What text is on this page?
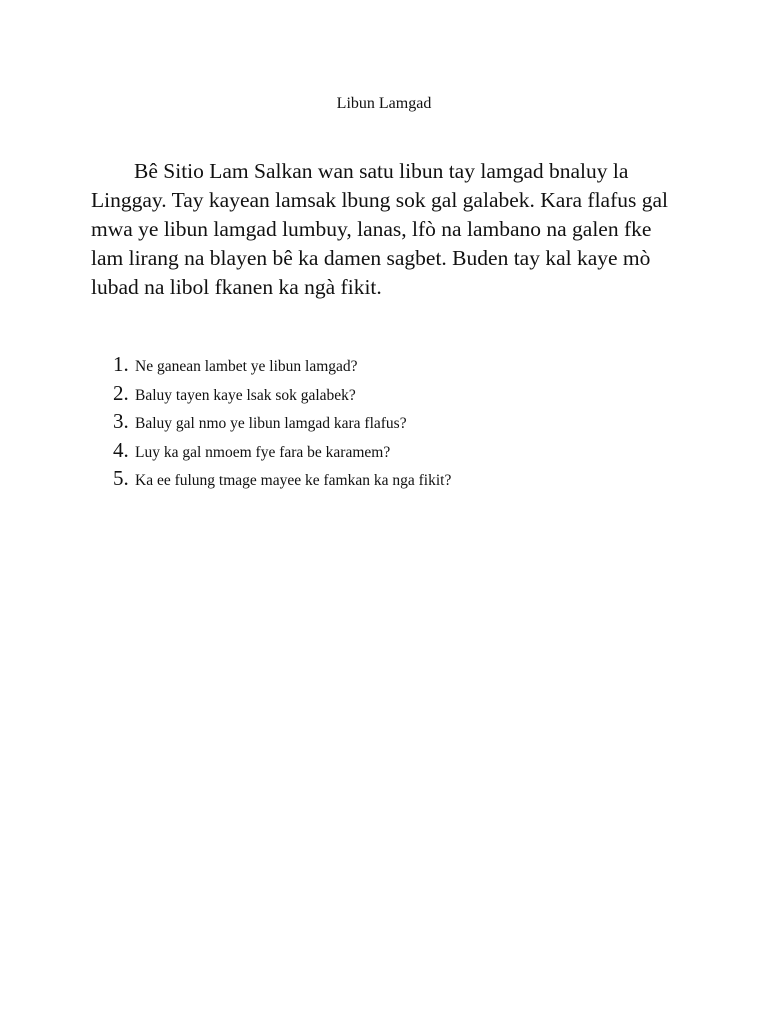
Libun Lamgad

Bê Sitio Lam Salkan wan satu libun tay lamgad bnaluy la Linggay. Tay kayean lamsak lbung sok gal galabek. Kara flafus gal mwa ye libun lamgad lumbuy, lanas, lfò na lambano na galen fke lam lirang na blayen bê ka damen sagbet. Buden tay kal kaye mò lubad na libol fkanen ka ngà fikit.

1. Ne ganean lambet ye libun lamgad?
2. Baluy tayen kaye lsak sok galabek?
3. Baluy gal nmo ye libun lamgad kara flafus?
4. Luy ka gal nmoem fye fara be karamem?
5. Ka ee fulung tmage mayee ke famkan ka nga fikit?
